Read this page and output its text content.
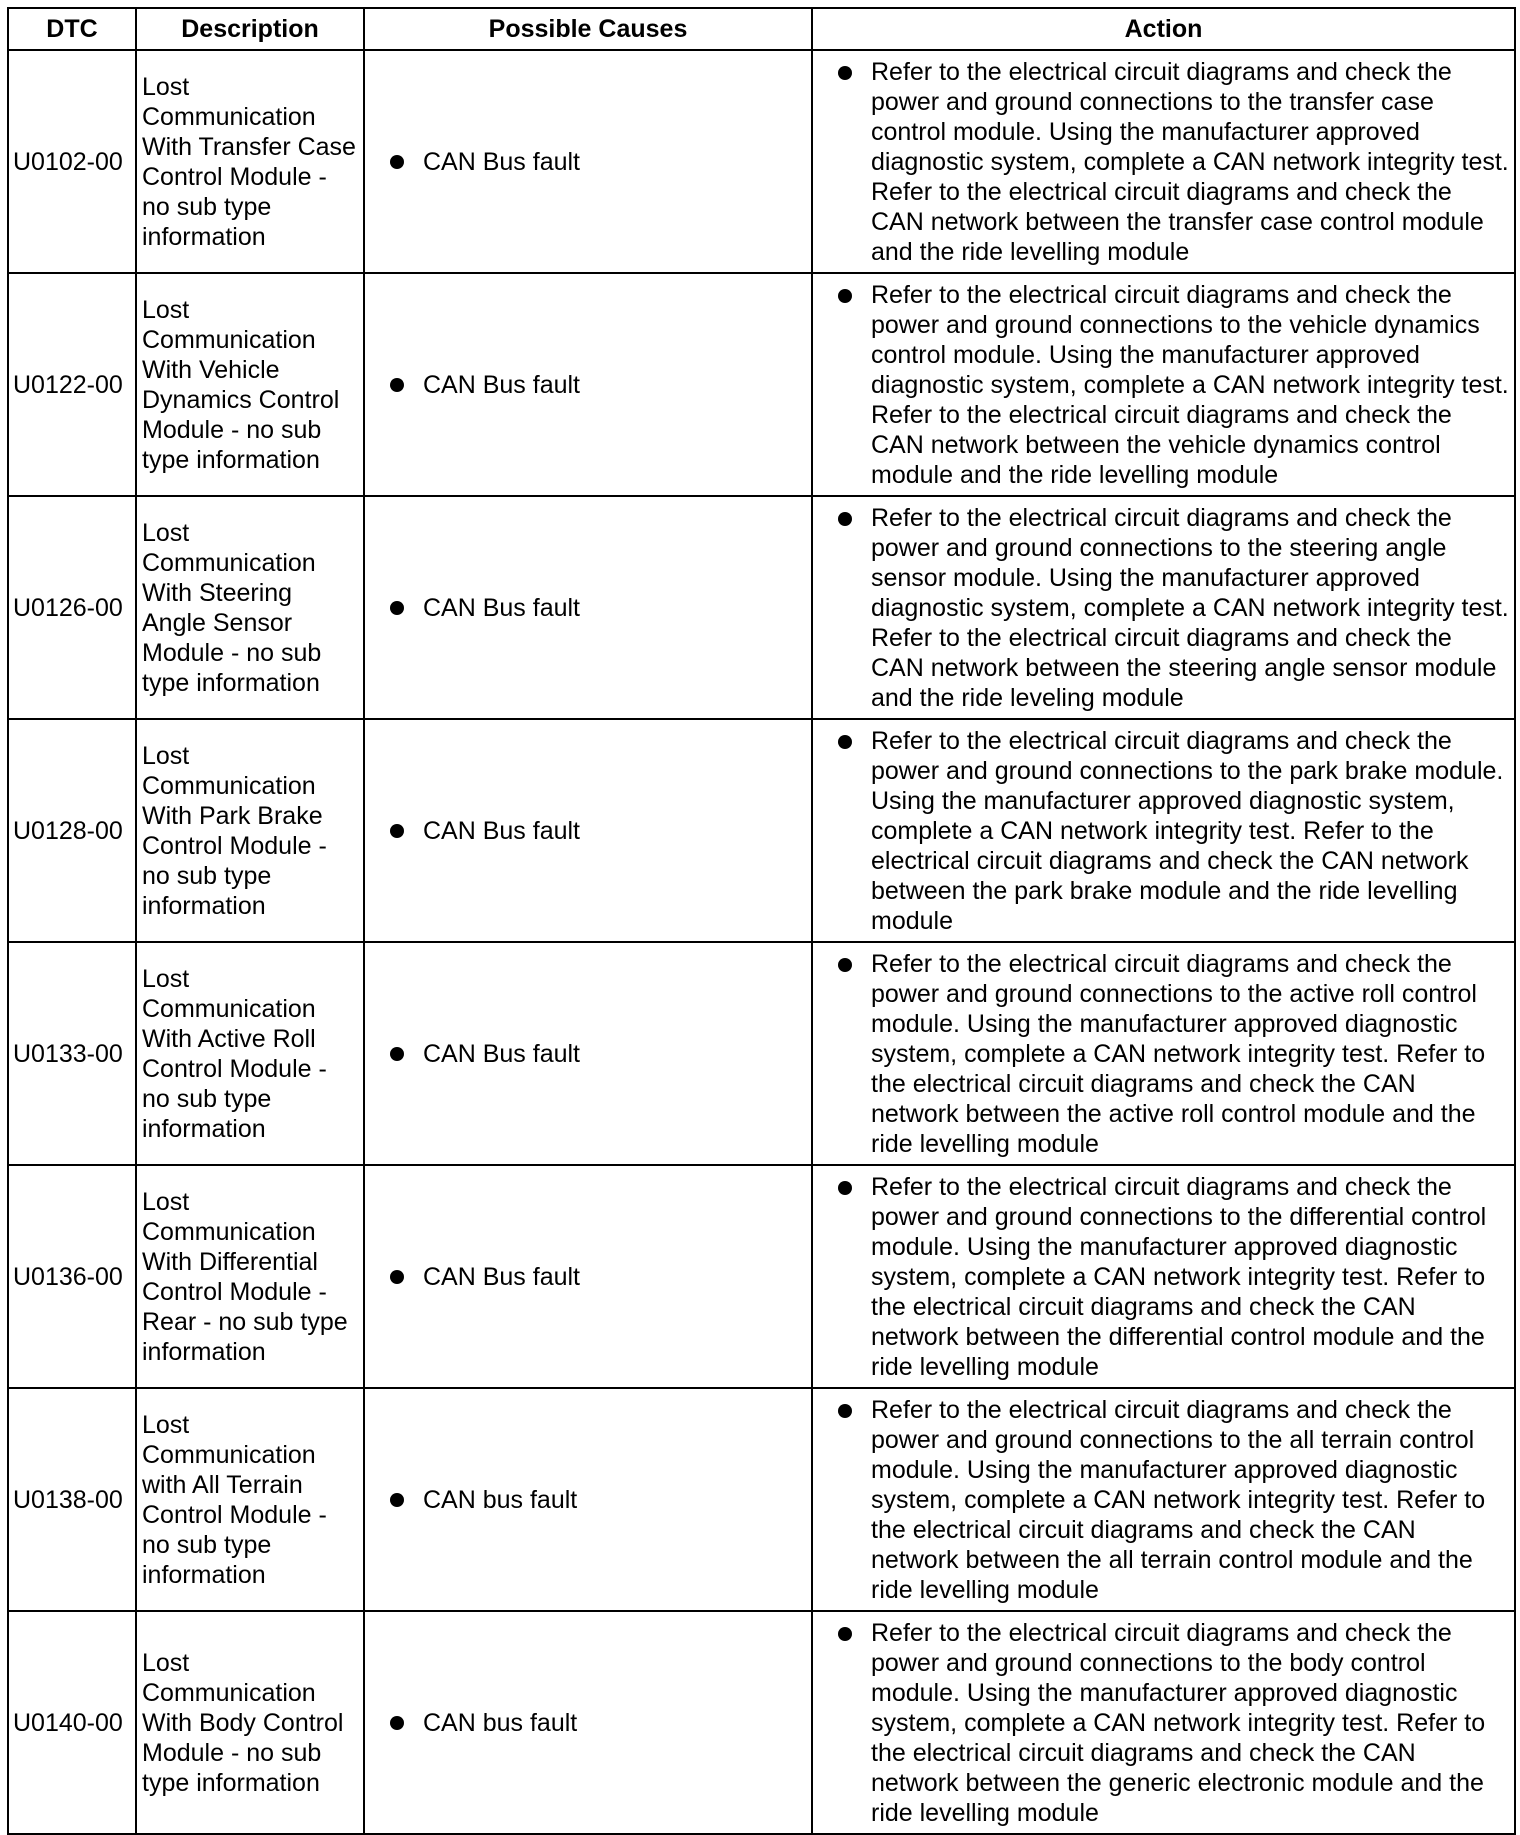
DTC	Description	Possible Causes	Action
U0102-00	Lost Communication With Transfer Case Control Module - no sub type information	CAN Bus fault	Refer to the electrical circuit diagrams and check the power and ground connections to the transfer case control module. Using the manufacturer approved diagnostic system, complete a CAN network integrity test. Refer to the electrical circuit diagrams and check the CAN network between the transfer case control module and the ride levelling module

U0122-00	Lost Communication With Vehicle Dynamics Control Module - no sub type information	CAN Bus fault	Refer to the electrical circuit diagrams and check the power and ground connections to the vehicle dynamics control module. Using the manufacturer approved diagnostic system, complete a CAN network integrity test. Refer to the electrical circuit diagrams and check the CAN network between the vehicle dynamics control module and the ride levelling module

U0126-00	Lost Communication With Steering Angle Sensor Module - no sub type information	CAN Bus fault	Refer to the electrical circuit diagrams and check the power and ground connections to the steering angle sensor module. Using the manufacturer approved diagnostic system, complete a CAN network integrity test. Refer to the electrical circuit diagrams and check the CAN network between the steering angle sensor module and the ride leveling module

U0128-00	Lost Communication With Park Brake Control Module - no sub type information	CAN Bus fault	Refer to the electrical circuit diagrams and check the power and ground connections to the park brake module. Using the manufacturer approved diagnostic system, complete a CAN network integrity test. Refer to the electrical circuit diagrams and check the CAN network between the park brake module and the ride levelling module

U0133-00	Lost Communication With Active Roll Control Module - no sub type information	CAN Bus fault	Refer to the electrical circuit diagrams and check the power and ground connections to the active roll control module. Using the manufacturer approved diagnostic system, complete a CAN network integrity test. Refer to the electrical circuit diagrams and check the CAN network between the active roll control module and the ride levelling module

U0136-00	Lost Communication With Differential Control Module - Rear - no sub type information	CAN Bus fault	Refer to the electrical circuit diagrams and check the power and ground connections to the differential control module. Using the manufacturer approved diagnostic system, complete a CAN network integrity test. Refer to the electrical circuit diagrams and check the CAN network between the differential control module and the ride levelling module

U0138-00	Lost Communication with All Terrain Control Module - no sub type information	CAN bus fault	Refer to the electrical circuit diagrams and check the power and ground connections to the all terrain control module. Using the manufacturer approved diagnostic system, complete a CAN network integrity test. Refer to the electrical circuit diagrams and check the CAN network between the all terrain control module and the ride levelling module

U0140-00	Lost Communication With Body Control Module - no sub type information	CAN bus fault	Refer to the electrical circuit diagrams and check the power and ground connections to the body control module. Using the manufacturer approved diagnostic system, complete a CAN network integrity test. Refer to the electrical circuit diagrams and check the CAN network between the generic electronic module and the ride levelling module
